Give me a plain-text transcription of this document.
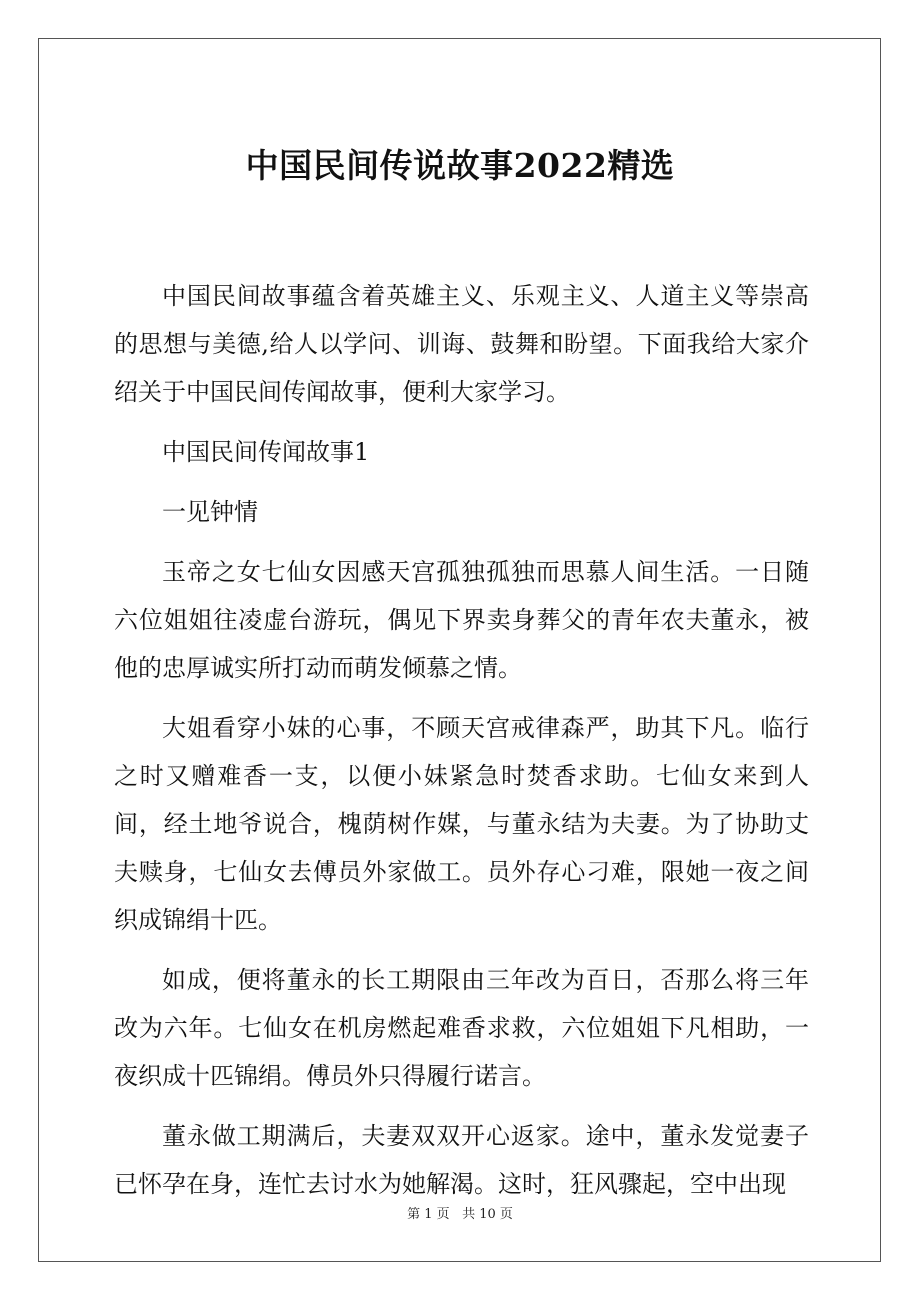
中国民间传说故事2022精选

中国民间故事蕴含着英雄主义、乐观主义、人道主义等崇高的思想与美德,给人以学问、训诲、鼓舞和盼望。下面我给大家介绍关于中国民间传闻故事，便利大家学习。

中国民间传闻故事1

一见钟情

玉帝之女七仙女因感天宫孤独孤独而思慕人间生活。一日随六位姐姐往凌虚台游玩，偶见下界卖身葬父的青年农夫董永，被他的忠厚诚实所打动而萌发倾慕之情。

大姐看穿小妹的心事，不顾天宫戒律森严，助其下凡。临行之时又赠难香一支，以便小妹紧急时焚香求助。七仙女来到人间，经土地爷说合，槐荫树作媒，与董永结为夫妻。为了协助丈夫赎身，七仙女去傅员外家做工。员外存心刁难，限她一夜之间织成锦绢十匹。

如成，便将董永的长工期限由三年改为百日，否那么将三年改为六年。七仙女在机房燃起难香求救，六位姐姐下凡相助，一夜织成十匹锦绢。傅员外只得履行诺言。

董永做工期满后，夫妻双双开心返家。途中，董永发觉妻子已怀孕在身，连忙去讨水为她解渴。这时，狂风骤起，空中出现

第 1 页 共 10 页
